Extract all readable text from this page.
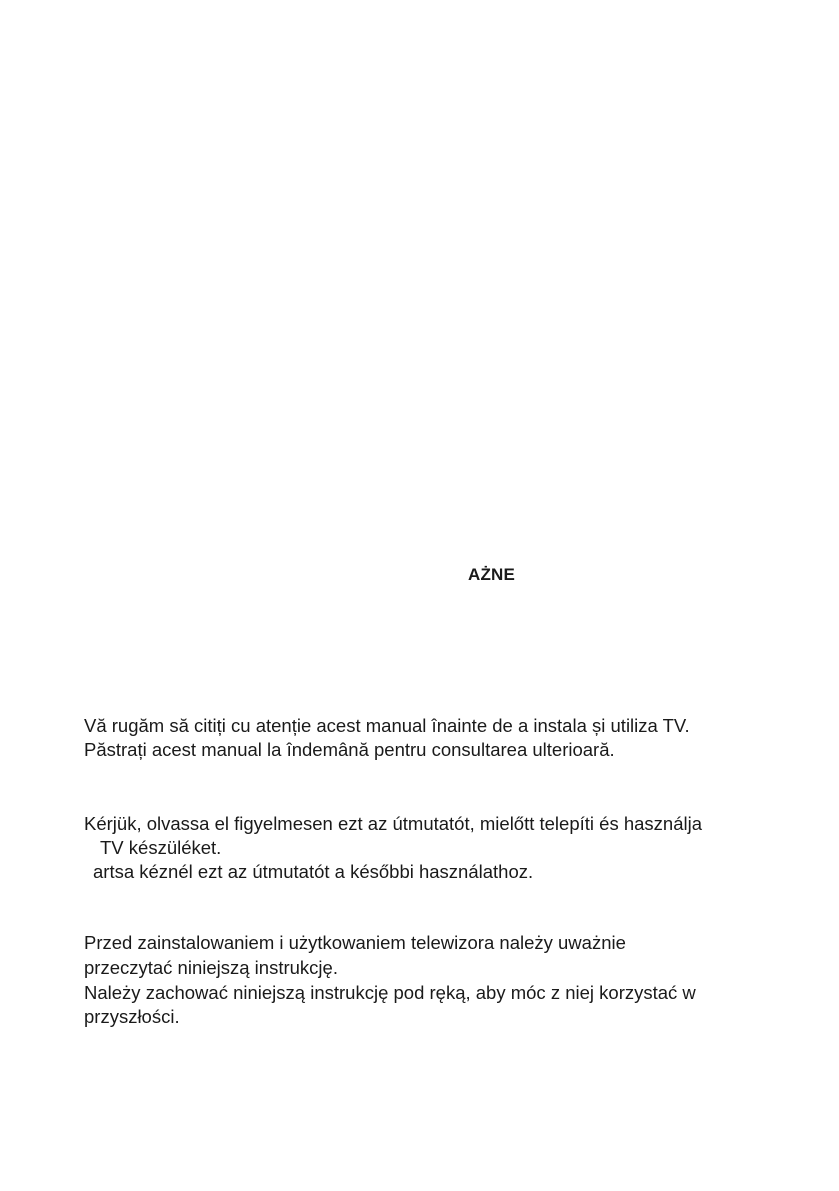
AŻNE
Vă rugăm să citiți cu atenție acest manual înainte de a instala și utiliza TV.
Păstrați acest manual la îndemână pentru consultarea ulterioară.
Kérjük, olvassa el figyelmesen ezt az útmutatót, mielőtt telepíti és használja
TV készüléket.
artsa kéznél ezt az útmutatót a későbbi használathoz.
Przed zainstalowaniem i użytkowaniem telewizora należy uważnie
przeczytać niniejszą instrukcję.
Należy zachować niniejszą instrukcję pod ręką, aby móc z niej korzystać w
przyszłości.
